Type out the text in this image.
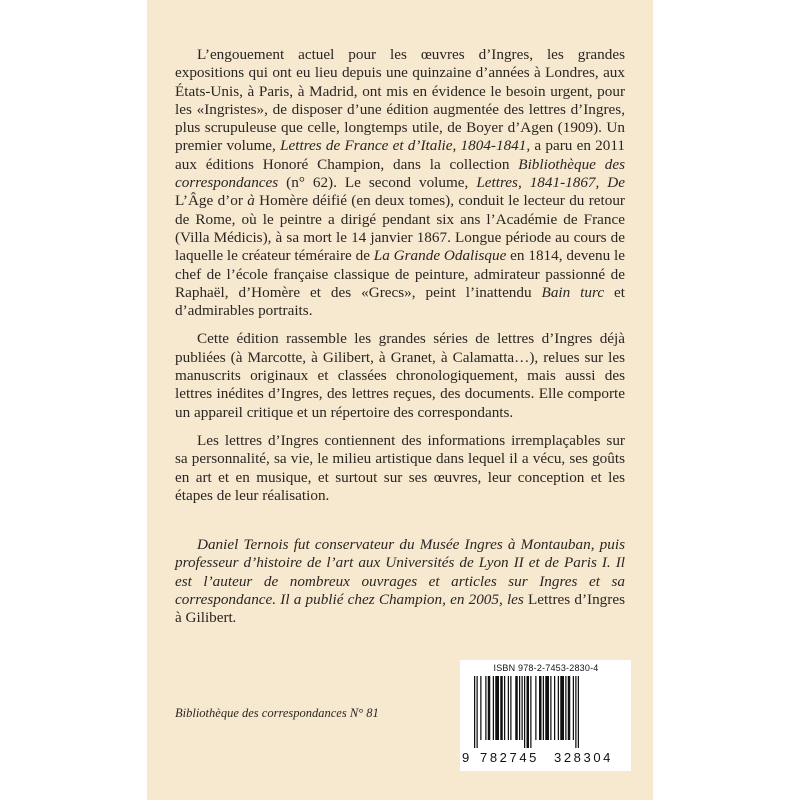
L’engouement actuel pour les œuvres d’Ingres, les grandes expositions qui ont eu lieu depuis une quinzaine d’années à Londres, aux États-Unis, à Paris, à Madrid, ont mis en évidence le besoin urgent, pour les «Ingristes», de disposer d’une édition augmentée des lettres d’Ingres, plus scrupuleuse que celle, longtemps utile, de Boyer d’Agen (1909). Un premier volume, Lettres de France et d’Italie, 1804-1841, a paru en 2011 aux éditions Honoré Champion, dans la collection Bibliothèque des correspondances (n° 62). Le second volume, Lettres, 1841-1867, De L’Âge d’or à Homère déifié (en deux tomes), conduit le lecteur du retour de Rome, où le peintre a dirigé pendant six ans l’Académie de France (Villa Médicis), à sa mort le 14 janvier 1867. Longue période au cours de laquelle le créateur téméraire de La Grande Odalisque en 1814, devenu le chef de l’école française classique de peinture, admirateur passionné de Raphaël, d’Homère et des «Grecs», peint l’inattendu Bain turc et d’admirables portraits.

Cette édition rassemble les grandes séries de lettres d’Ingres déjà publiées (à Marcotte, à Gilibert, à Granet, à Calamatta…), relues sur les manuscrits originaux et classées chronologiquement, mais aussi des lettres inédites d’Ingres, des lettres reçues, des documents. Elle comporte un appareil critique et un répertoire des correspondants.

Les lettres d’Ingres contiennent des informations irremplaçables sur sa personnalité, sa vie, le milieu artistique dans lequel il a vécu, ses goûts en art et en musique, et surtout sur ses œuvres, leur conception et les étapes de leur réalisation.

Daniel Ternois fut conservateur du Musée Ingres à Montauban, puis professeur d’histoire de l’art aux Universités de Lyon II et de Paris I. Il est l’auteur de nombreux ouvrages et articles sur Ingres et sa correspondance. Il a publié chez Champion, en 2005, les Lettres d’Ingres à Gilibert.
Bibliothèque des correspondances N° 81
ISBN 978-2-7453-2830-4
9 782745 328304
